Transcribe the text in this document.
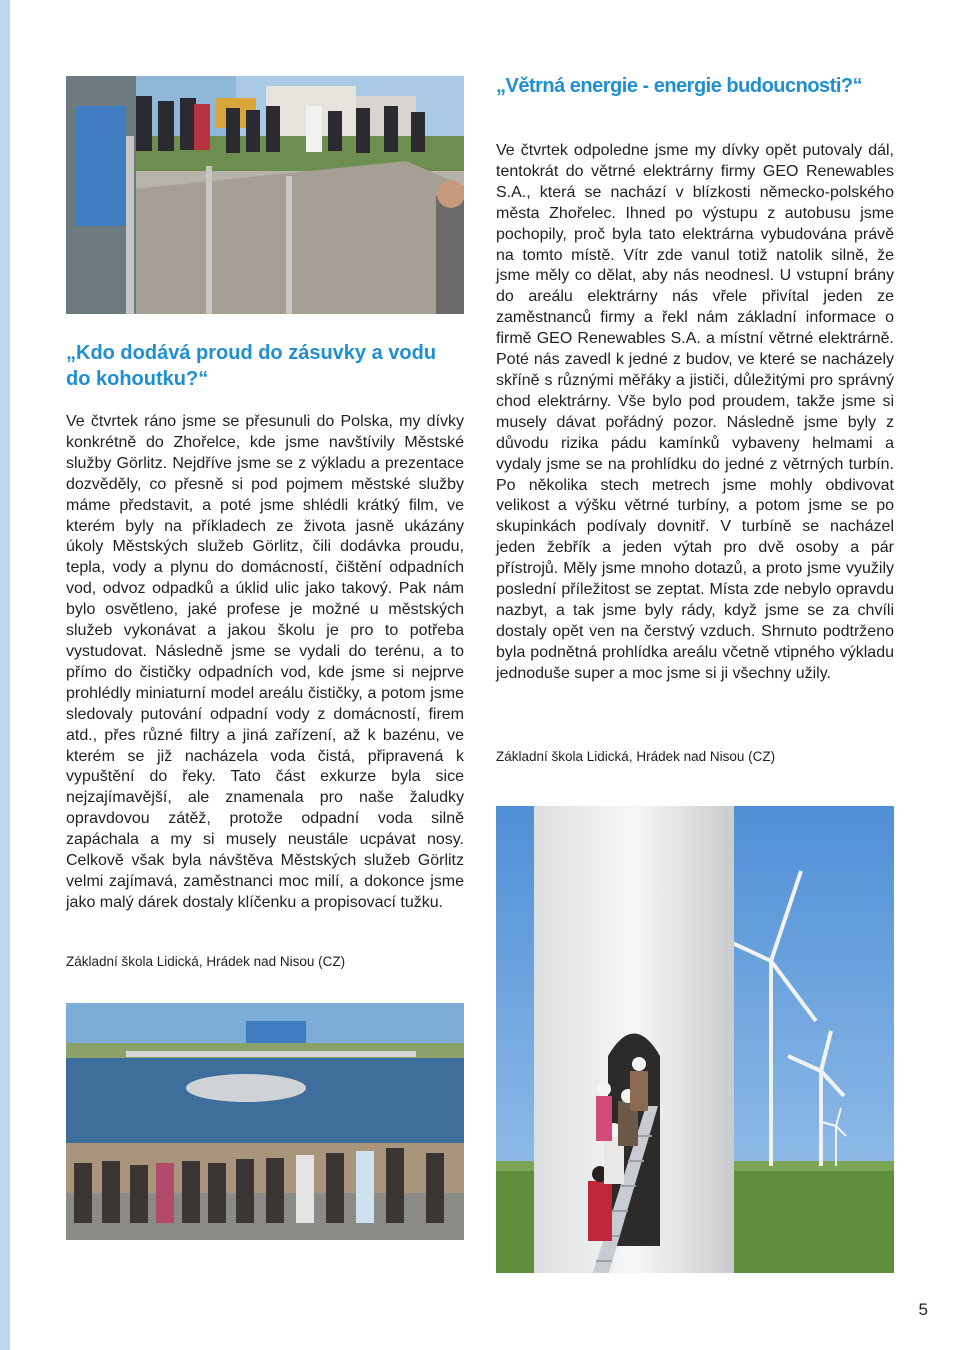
„Kdo dodává proud do zásuvky a vodu do kohoutku?“

Ve čtvrtek ráno jsme se přesunuli do Polska, my dívky konkrétně do Zhořelce, kde jsme navštívily Městské služby Görlitz. Nejdříve jsme se z výkladu a prezentace dozvěděly, co přesně si pod pojmem městské služby máme představit, a poté jsme shlédli krátký film, ve kterém byly na příkladech ze života jasně ukázány úkoly Městských služeb Görlitz, čili dodávka proudu, tepla, vody a plynu do domácností, čištění odpadních vod, odvoz odpadků a úklid ulic jako takový. Pak nám bylo osvětleno, jaké profese je možné u městských služeb vykonávat a jakou školu je pro to potřeba vystudovat. Následně jsme se vydali do terénu, a to přímo do čističky odpadních vod, kde jsme si nejprve prohlédly miniaturní model areálu čističky, a potom jsme sledovaly putování odpadní vody z domácností, firem atd., přes různé filtry a jiná zařízení, až k bazénu, ve kterém se již nacházela voda čistá, připravená k vypuštění do řeky. Tato část exkurze byla sice nejzajímavější, ale znamenala pro naše žaludky opravdovou zátěž, protože odpadní voda silně zapáchala a my si musely neustále ucpávat nosy. Celkově však byla návštěva Městských služeb Görlitz velmi zajímavá, zaměstnanci moc milí, a dokonce jsme jako malý dárek dostaly klíčenku a propisovací tužku.

Základní škola Lidická, Hrádek nad Nisou (CZ)

„Větrná energie - energie budoucnosti?“

Ve čtvrtek odpoledne jsme my dívky opět putovaly dál, tentokrát do větrné elektrárny firmy GEO Renewables S.A., která se nachází v blízkosti německo-polského města Zhořelec. Ihned po výstupu z autobusu jsme pochopily, proč byla tato elektrárna vybudována právě na tomto místě. Vítr zde vanul totiž natolik silně, že jsme měly co dělat, aby nás neodnesl. U vstupní brány do areálu elektrárny nás vřele přivítal jeden ze zaměstnanců firmy a řekl nám základní informace o firmě GEO Renewables S.A. a místní větrné elektrárně. Poté nás zavedl k jedné z budov, ve které se nacházely skříně s různými měřáky a jističi, důležitými pro správný chod elektrárny. Vše bylo pod proudem, takže jsme si musely dávat pořádný pozor. Následně jsme byly z důvodu rizika pádu kamínků vybaveny helmami a vydaly jsme se na prohlídku do jedné z větrných turbín. Po několika stech metrech jsme mohly obdivovat velikost a výšku větrné turbíny, a potom jsme se po skupinkách podívaly dovnitř. V turbíně se nacházel jeden žebřík a jeden výtah pro dvě osoby a pár přístrojů. Měly jsme mnoho dotazů, a proto jsme využily poslední příležitost se zeptat. Místa zde nebylo opravdu nazbyt, a tak jsme byly rády, když jsme se za chvíli dostaly opět ven na čerstvý vzduch. Shrnuto podtrženo byla podnětná prohlídka areálu včetně vtipného výkladu jednoduše super a moc jsme si ji všechny užily.

Základní škola Lidická, Hrádek nad Nisou (CZ)

5
